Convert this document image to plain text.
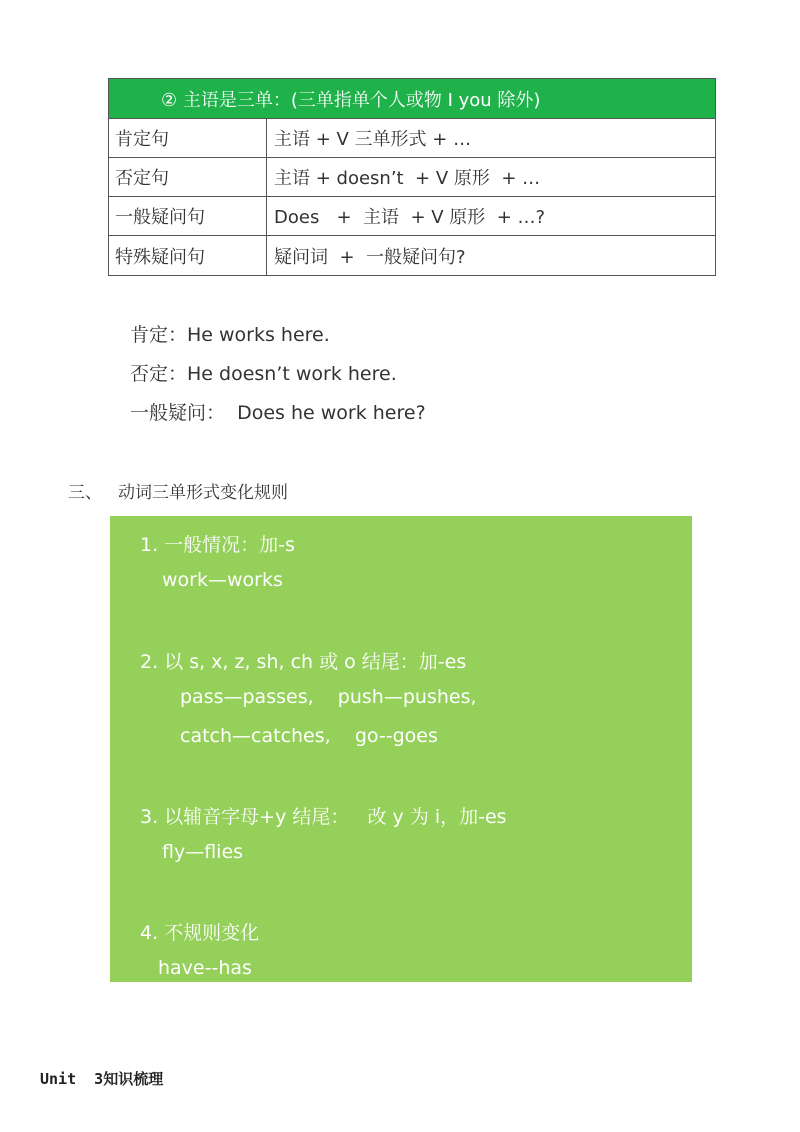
② 主语是三单：(三单指单个人或物 I you 除外)
肯定句	主语 + V 三单形式 + …
否定句	主语 + doesn’t  + V 原形  + …
一般疑问句	Does   +  主语  + V 原形  + …?
特殊疑问句	疑问词  +  一般疑问句?
肯定：He works here.
否定：He doesn’t work here.
一般疑问：  Does he work here?
三、 动词三单形式变化规则
1. 一般情况：加-s
work—works
2. 以 s, x, z, sh, ch 或 o 结尾：加-es
pass—passes,    push—pushes,
catch—catches,    go--goes
3. 以辅音字母+y 结尾：   改 y 为 i，加-es
fly—flies
4. 不规则变化
have--has
Unit  3知识梳理
